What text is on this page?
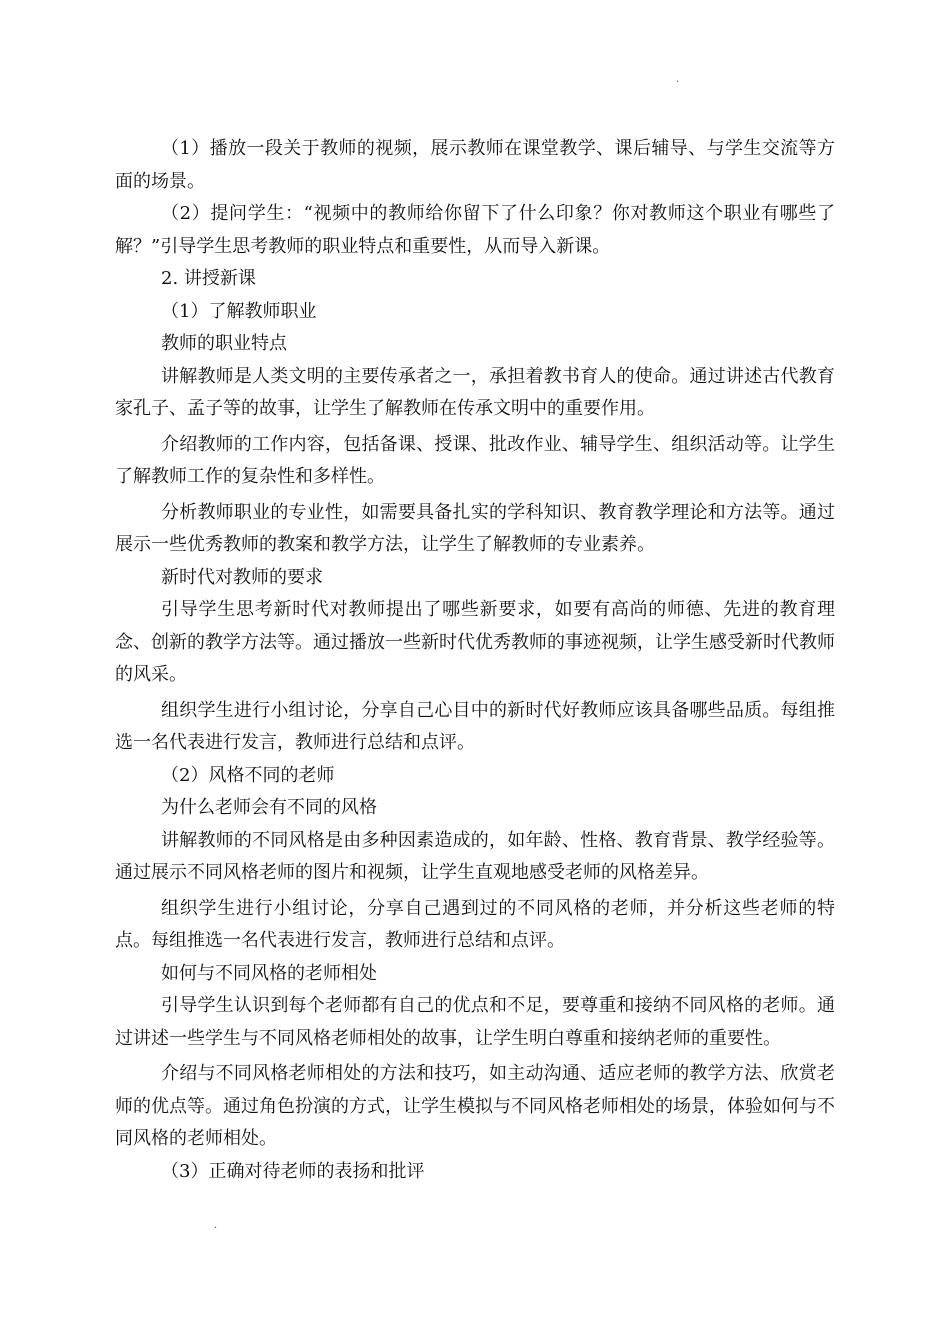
·

（1）播放一段关于教师的视频，展示教师在课堂教学、课后辅导、与学生交流等方面的场景。

（2）提问学生：“视频中的教师给你留下了什么印象？你对教师这个职业有哪些了解？”引导学生思考教师的职业特点和重要性，从而导入新课。

2. 讲授新课

（1）了解教师职业

教师的职业特点

讲解教师是人类文明的主要传承者之一，承担着教书育人的使命。通过讲述古代教育家孔子、孟子等的故事，让学生了解教师在传承文明中的重要作用。

介绍教师的工作内容，包括备课、授课、批改作业、辅导学生、组织活动等。让学生了解教师工作的复杂性和多样性。

分析教师职业的专业性，如需要具备扎实的学科知识、教育教学理论和方法等。通过展示一些优秀教师的教案和教学方法，让学生了解教师的专业素养。

新时代对教师的要求

引导学生思考新时代对教师提出了哪些新要求，如要有高尚的师德、先进的教育理念、创新的教学方法等。通过播放一些新时代优秀教师的事迹视频，让学生感受新时代教师的风采。

组织学生进行小组讨论，分享自己心目中的新时代好教师应该具备哪些品质。每组推选一名代表进行发言，教师进行总结和点评。

（2）风格不同的老师

为什么老师会有不同的风格

讲解教师的不同风格是由多种因素造成的，如年龄、性格、教育背景、教学经验等。通过展示不同风格老师的图片和视频，让学生直观地感受老师的风格差异。

组织学生进行小组讨论，分享自己遇到过的不同风格的老师，并分析这些老师的特点。每组推选一名代表进行发言，教师进行总结和点评。

如何与不同风格的老师相处

引导学生认识到每个老师都有自己的优点和不足，要尊重和接纳不同风格的老师。通过讲述一些学生与不同风格老师相处的故事，让学生明白尊重和接纳老师的重要性。

介绍与不同风格老师相处的方法和技巧，如主动沟通、适应老师的教学方法、欣赏老师的优点等。通过角色扮演的方式，让学生模拟与不同风格老师相处的场景，体验如何与不同风格的老师相处。

（3）正确对待老师的表扬和批评

·
